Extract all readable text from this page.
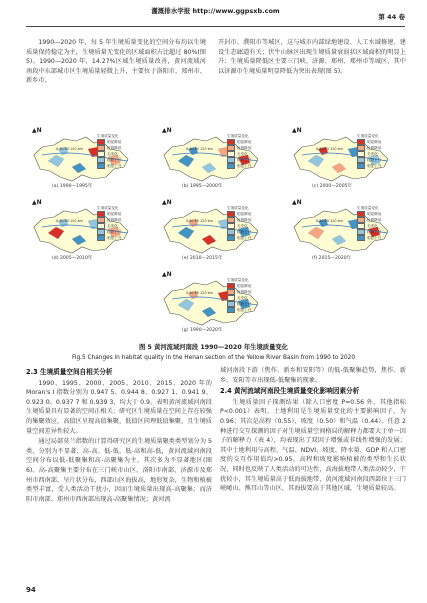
灌溉排水学报 http://www.ggpsxb.com
第 44 卷

1990—2020 年，每 5 年生境质量变化的空间分布均以生境质量保持稳定为主，生境质量无变化的区域面积占比超过 80%(图 5)。1990—2020 年，14.27%区域生境质量改善，黄河流域河南段中东部城市区生境质量轻微上升，主要位于洛阳市、郑州市、新乡市、

开封市、濮阳市等城区，这与城市内部绿地建设、人工水域修建、建设生态廊道有关；伏牛山脉区出现生境质量衰弱状区域面积的明显上升；生境质量降低区主要三门峡、济源、郑州、郑州市等城区，其中以济源市生境质量明显降低为突出表现(图 5)。

▲N
0 30 60 120 km
生境质量变化
明显降低
轻微降低
无变化
轻微上升
明显上升
(a) 1990—1995年
▲N
0 30 60 120 km
生境质量变化
明显降低
轻微降低
无变化
轻微上升
明显上升
(b) 1995—2000年
▲N
0 30 60 120 km
生境质量变化
明显降低
轻微降低
无变化
轻微上升
明显上升
(c) 2000—2005年
▲N
0 30 60 120 km
生境质量变化
明显降低
轻微降低
无变化
轻微上升
明显上升
(d) 2005—2010年
▲N
0 30 60 120 km
生境质量变化
明显降低
轻微降低
无变化
轻微上升
明显上升
(e) 2010—2015年
▲N
0 30 60 120 km
生境质量变化
明显降低
轻微降低
无变化
轻微上升
明显上升
(f) 2015—2020年
▲N
0 30 60 120 km
生境质量变化
明显降低
轻微降低
无变化
轻微上升
明显上升
(g) 1990—2020年
图 5 黄河流域河南段 1990—2020 年生境质量变化
Fig.5 Changes in habitat quality in the Henan section of the Yellow River Basin from 1990 to 2020
2.3 生境质量空间自相关分析

1990、1995、2000、2005、2010、2015、2020 年的 Moran's I 指数分别为 0.947 5、0.944 8、0.927 1、0.941 9、0.923 0、0.937 7 和 0.939 3，均大于 0.9，表明黄河流域河南段生境质量具有显著的空间正相关；研究区生境质量在空间上存在较强的集聚效应，高值区呈现高值集聚，低值区同理低值集聚，且生境质量空间差异性较大。

通过局部莫兰指数的计算得研究区的生境质量聚类类型划分为 5 类，分别为不显著、高-高、低-低、低-高和高-低，黄河流域河南段空间分布以低-低聚集和高-高聚集为主，其次多为不显著地区(图 6)。高-高聚集主要分布在三门峡市山区、洛阳市南部、济源市及郑州市西南部，呈片状分布，西部山区海拔高，地形复杂，生物和植被类型丰富，受人类活动干扰小，因而生境质量出现高-高聚集；而济阳市南部、郑州市西南部出现高-高聚集情况；黄河流

域河南段下游（焦作、新乡和安阳等）的低-低聚集趋势，焦作、新乡、安阳等市出现低-低聚集的现象。

2.4 黄河流域河南段生境质量变化影响因素分析

生境质量因子探测结果（除人口密度 P=0.56 外，其他指标 P<0.001）表明，土地利用是生境质量变化的主要影响因子，为 0.96；其次是高程（0.55）、坡度（0.50）和气温（0.44）。任意 2 种进行交互探测的因子对生境质量空间格局的解释力都要大于单一因子的解释力（表 4），均表现出了双因子增强或非线性增强的发展；其中土地利用与高程、气温、NDVI、坡度、降水量、GDP 和人口密度的交互作用值均>0.95，高程和坡度影响植被的类型和生长状况，同时也反映了人类活动的可达性，高海拔地带人类活动较少，干扰较小，其生境质量高于低海拔地带，黄河流域河南段西部位于三门峡崤山、熊耳山等山区，其海拔要高于其他区域，生境质量较高。

94
